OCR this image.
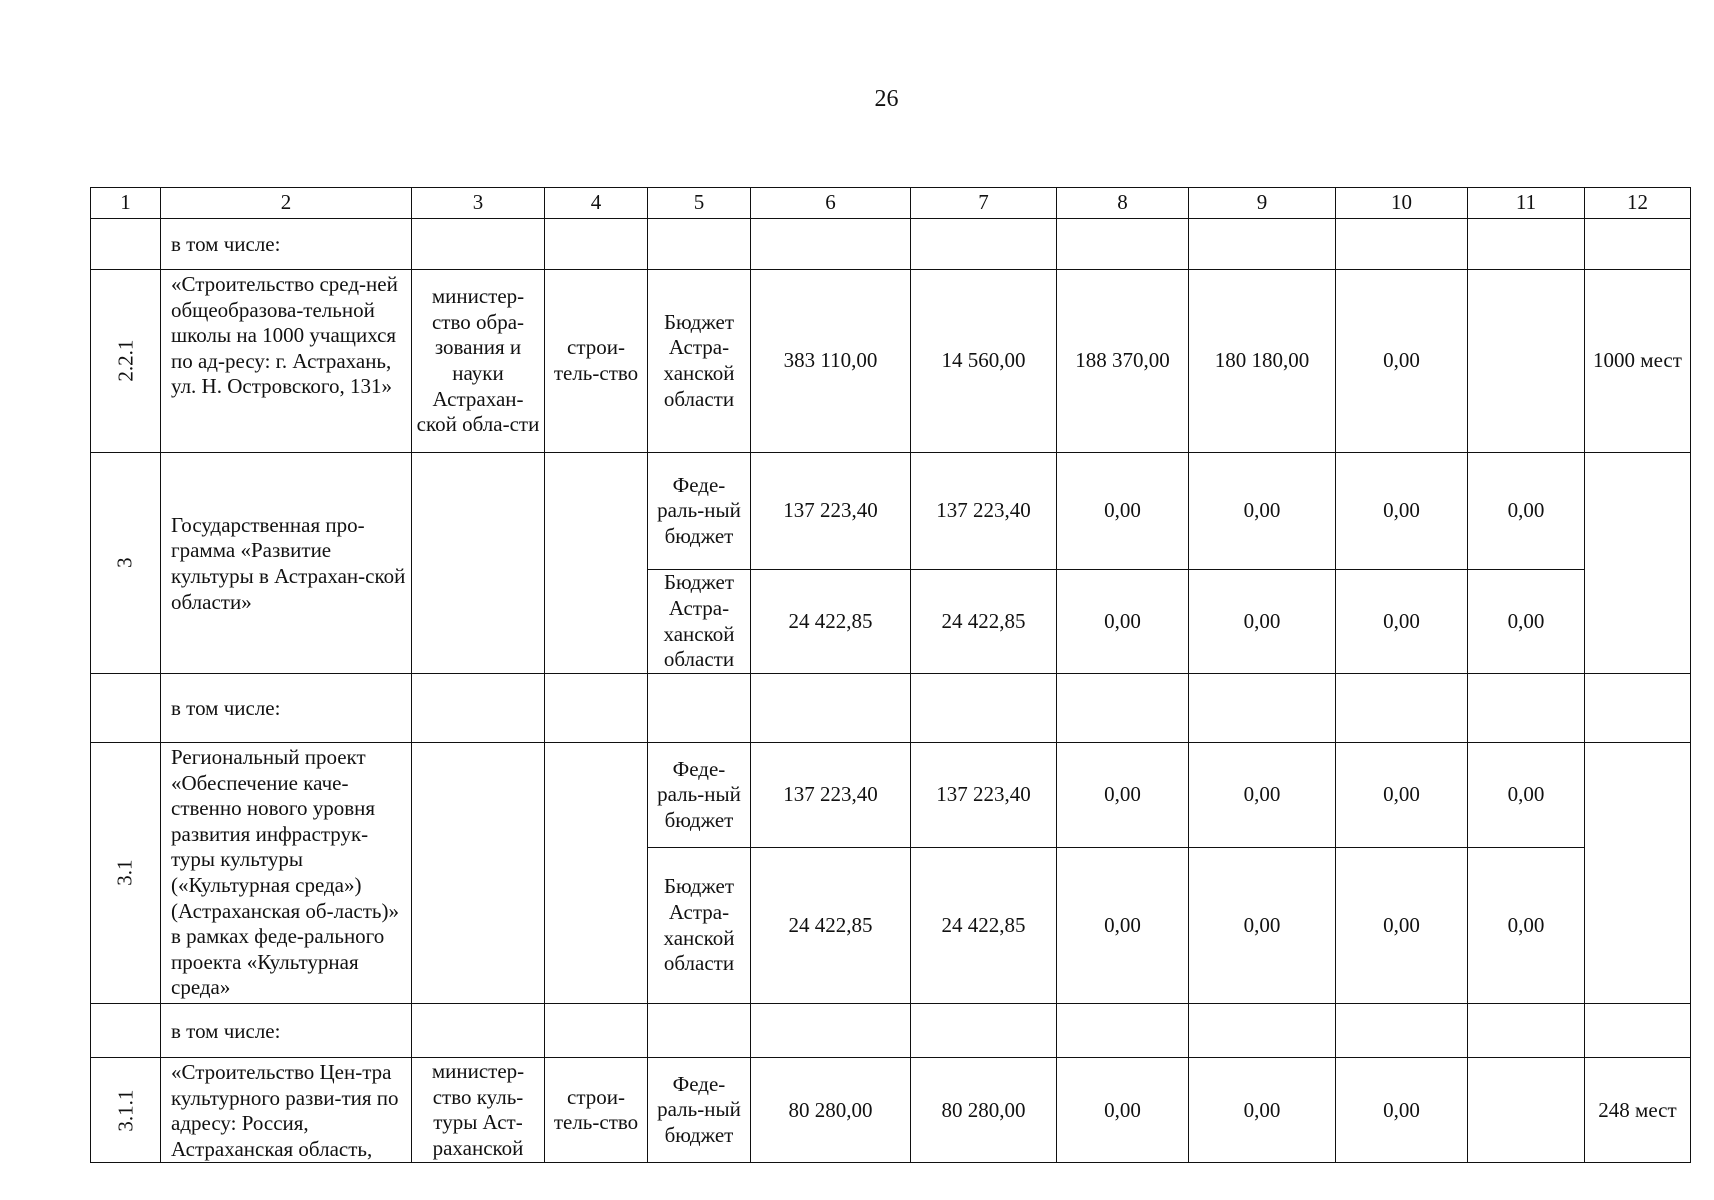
26
1	2	3	4	5	6	7	8	9	10	11	12
	в том числе:										
2.2.1	«Строительство сред-ней общеобразова-тельной школы на 1000 учащихся по ад-ресу: г. Астрахань, ул. Н. Островского, 131»	министер-ство обра-зования и науки Астрахан-ской обла-сти	строи-тель-ство	Бюджет Астра-ханской области	383 110,00	14 560,00	188 370,00	180 180,00	0,00		1000 мест
3	Государственная про-грамма «Развитие культуры в Астрахан-ской области»			Феде-раль-ный бюджет	137 223,40	137 223,40	0,00	0,00	0,00	0,00	
				Бюджет Астра-ханской области	24 422,85	24 422,85	0,00	0,00	0,00	0,00	
	в том числе:										
3.1	Региональный проект «Обеспечение каче-ственно нового уровня развития инфраструк-туры культуры («Культурная среда») (Астраханская об-ласть)» в рамках феде-рального проекта «Культурная среда»			Феде-раль-ный бюджет	137 223,40	137 223,40	0,00	0,00	0,00	0,00	
				Бюджет Астра-ханской области	24 422,85	24 422,85	0,00	0,00	0,00	0,00	
	в том числе:										
3.1.1	«Строительство Цен-тра культурного разви-тия по адресу: Россия, Астраханская область,	министер-ство куль-туры Аст-раханской	строи-тель-ство	Феде-раль-ный бюджет	80 280,00	80 280,00	0,00	0,00	0,00		248 мест
